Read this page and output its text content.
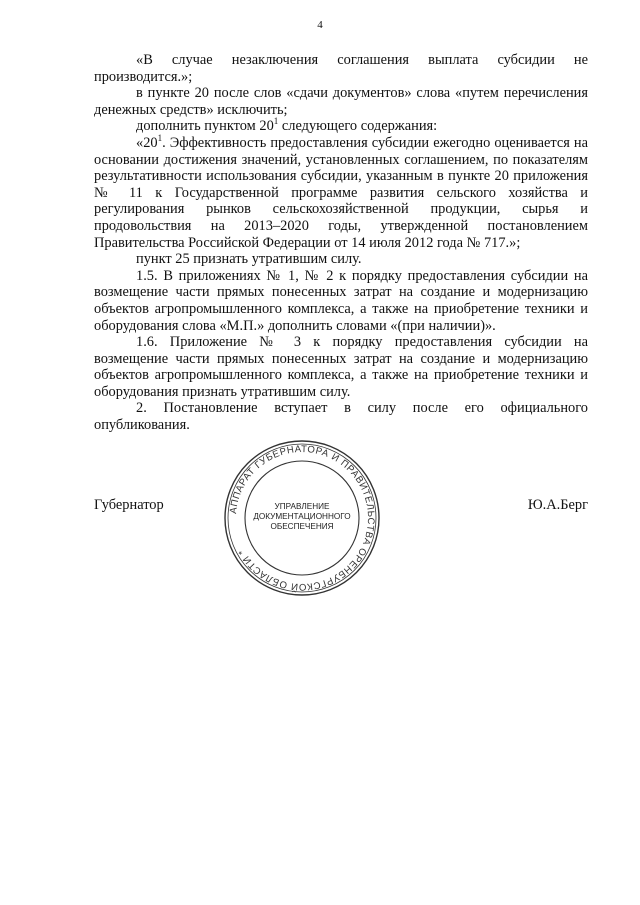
4

«В случае незаключения соглашения выплата субсидии не производится.»;

в пункте 20 после слов «сдачи документов» слова «путем перечисления денежных средств» исключить;

дополнить пунктом $20^1$ следующего содержания:

«$20^1$. Эффективность предоставления субсидии ежегодно оценивается на основании достижения значений, установленных соглашением, по показателям результативности использования субсидии, указанным в пункте 20 приложения № 11 к Государственной программе развития сельского хозяйства и регулирования рынков сельскохозяйственной продукции, сырья и продовольствия на 2013–2020 годы, утвержденной постановлением Правительства Российской Федерации от 14 июля 2012 года № 717.»;

пункт 25 признать утратившим силу.

1.5. В приложениях № 1, № 2 к порядку предоставления субсидии на возмещение части прямых понесенных затрат на создание и модернизацию объектов агропромышленного комплекса, а также на приобретение техники и оборудования слова «М.П.» дополнить словами «(при наличии)».

1.6. Приложение № 3 к порядку предоставления субсидии на возмещение части прямых понесенных затрат на создание и модернизацию объектов агропромышленного комплекса, а также на приобретение техники и оборудования признать утратившим силу.

2. Постановление вступает в силу после его официального опубликования.

Губернатор	Ю.А.Берг
АППАРАТ ГУБЕРНАТОРА И ПРАВИТЕЛЬСТВА ОРЕНБУРГСКОЙ ОБЛАСТИ *
УПРАВЛЕНИЕ
ДОКУМЕНТАЦИОННОГО
ОБЕСПЕЧЕНИЯ
